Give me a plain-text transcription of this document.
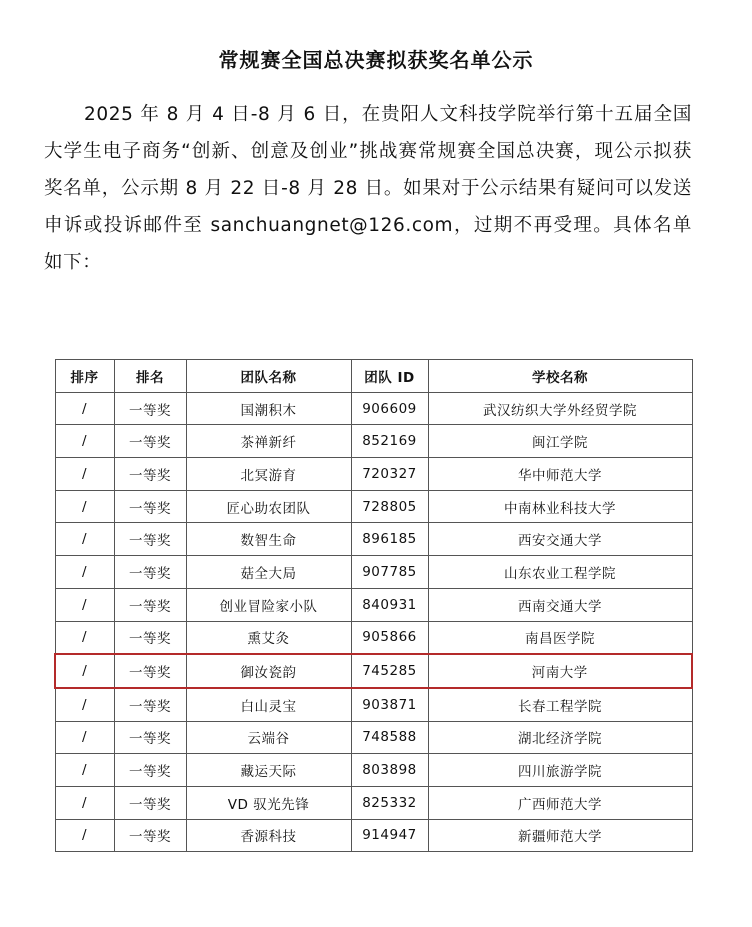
常规赛全国总决赛拟获奖名单公示
2025 年 8 月 4 日-8 月 6 日，在贵阳人文科技学院举行第十五届全国大学生电子商务“创新、创意及创业”挑战赛常规赛全国总决赛，现公示拟获奖名单，公示期 8 月 22 日-8 月 28 日。如果对于公示结果有疑问可以发送申诉或投诉邮件至 sanchuangnet@126.com，过期不再受理。具体名单如下：
排序	排名	团队名称	团队 ID	学校名称
/	一等奖	国潮积木	906609	武汉纺织大学外经贸学院
/	一等奖	茶禅新纤	852169	闽江学院
/	一等奖	北冥游育	720327	华中师范大学
/	一等奖	匠心助农团队	728805	中南林业科技大学
/	一等奖	数智生命	896185	西安交通大学
/	一等奖	菇全大局	907785	山东农业工程学院
/	一等奖	创业冒险家小队	840931	西南交通大学
/	一等奖	熏艾灸	905866	南昌医学院
/	一等奖	御汝瓷韵	745285	河南大学
/	一等奖	白山灵宝	903871	长春工程学院
/	一等奖	云端谷	748588	湖北经济学院
/	一等奖	藏运天际	803898	四川旅游学院
/	一等奖	VD 驭光先锋	825332	广西师范大学
/	一等奖	香源科技	914947	新疆师范大学
